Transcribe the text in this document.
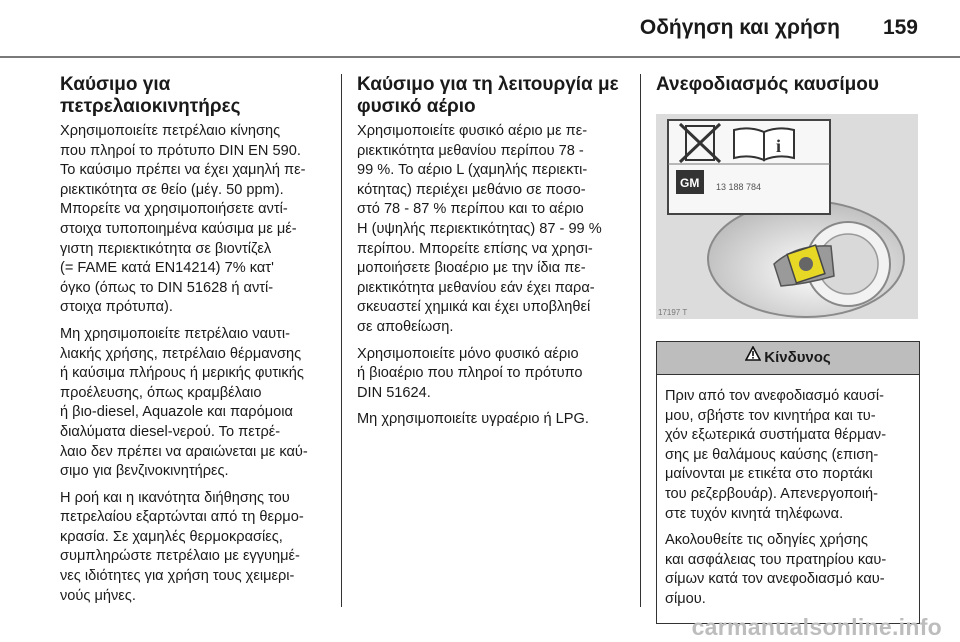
Οδήγηση και χρήση 159
Καύσιμο για
πετρελαιοκινητήρες

Χρησιμοποιείτε πετρέλαιο κίνησης
που πληροί το πρότυπο DIN EN 590.
Το καύσιμο πρέπει να έχει χαμηλή πε-
ριεκτικότητα σε θείο (μέγ. 50 ppm).
Μπορείτε να χρησιμοποιήσετε αντί-
στοιχα τυποποιημένα καύσιμα με μέ-
γιστη περιεκτικότητα σε βιοντίζελ
(= FAME κατά EN14214) 7% κατ'
όγκο (όπως το DIN 51628 ή αντί-
στοιχα πρότυπα).

Μη χρησιμοποιείτε πετρέλαιο ναυτι-
λιακής χρήσης, πετρέλαιο θέρμανσης
ή καύσιμα πλήρους ή μερικής φυτικής
προέλευσης, όπως κραμβέλαιο
ή βιο-diesel, Aquazole και παρόμοια
διαλύματα diesel-νερού. Το πετρέ-
λαιο δεν πρέπει να αραιώνεται με καύ-
σιμο για βενζινοκινητήρες.

Η ροή και η ικανότητα διήθησης του
πετρελαίου εξαρτώνται από τη θερμο-
κρασία. Σε χαμηλές θερμοκρασίες,
συμπληρώστε πετρέλαιο με εγγυημέ-
νες ιδιότητες για χρήση τους χειμερι-
νούς μήνες.

Καύσιμο για τη λειτουργία με
φυσικό αέριο

Χρησιμοποιείτε φυσικό αέριο με πε-
ριεκτικότητα μεθανίου περίπου 78 -
99 %. Το αέριο L (χαμηλής περιεκτι-
κότητας) περιέχει μεθάνιο σε ποσο-
στό 78 - 87 % περίπου και το αέριο
H (υψηλής περιεκτικότητας) 87 - 99 %
περίπου. Μπορείτε επίσης να χρησι-
μοποιήσετε βιοαέριο με την ίδια πε-
ριεκτικότητα μεθανίου εάν έχει παρα-
σκευαστεί χημικά και έχει υποβληθεί
σε αποθείωση.

Χρησιμοποιείτε μόνο φυσικό αέριο
ή βιοαέριο που πληροί το πρότυπο
DIN 51624.

Μη χρησιμοποιείτε υγραέριο ή LPG.

Ανεφοδιασμός καυσίμου
i
GM 13 188 784
17197 T
Κίνδυνος

Πριν από τον ανεφοδιασμό καυσί-
μου, σβήστε τον κινητήρα και τυ-
χόν εξωτερικά συστήματα θέρμαν-
σης με θαλάμους καύσης (επιση-
μαίνονται με ετικέτα στο πορτάκι
του ρεζερβουάρ). Απενεργοποιή-
στε τυχόν κινητά τηλέφωνα.

Ακολουθείτε τις οδηγίες χρήσης
και ασφάλειας του πρατηρίου καυ-
σίμων κατά τον ανεφοδιασμό καυ-
σίμου.

carmanualsonline.info
